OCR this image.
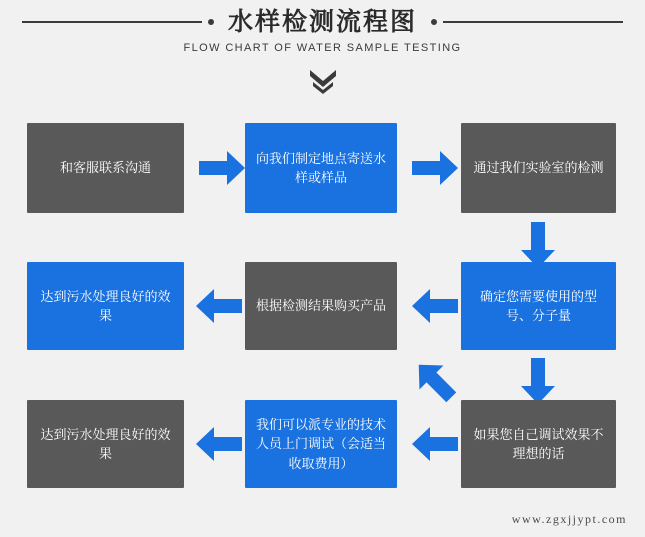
水样检测流程图
FLOW CHART OF WATER SAMPLE TESTING
和客服联系沟通
向我们制定地点寄送水样或样品
通过我们实验室的检测
确定您需要使用的型号、分子量
根据检测结果购买产品
达到污水处理良好的效果
如果您自己调试效果不理想的话
我们可以派专业的技术人员上门调试（会适当收取费用）
达到污水处理良好的效果
www.zgxjjypt.com
